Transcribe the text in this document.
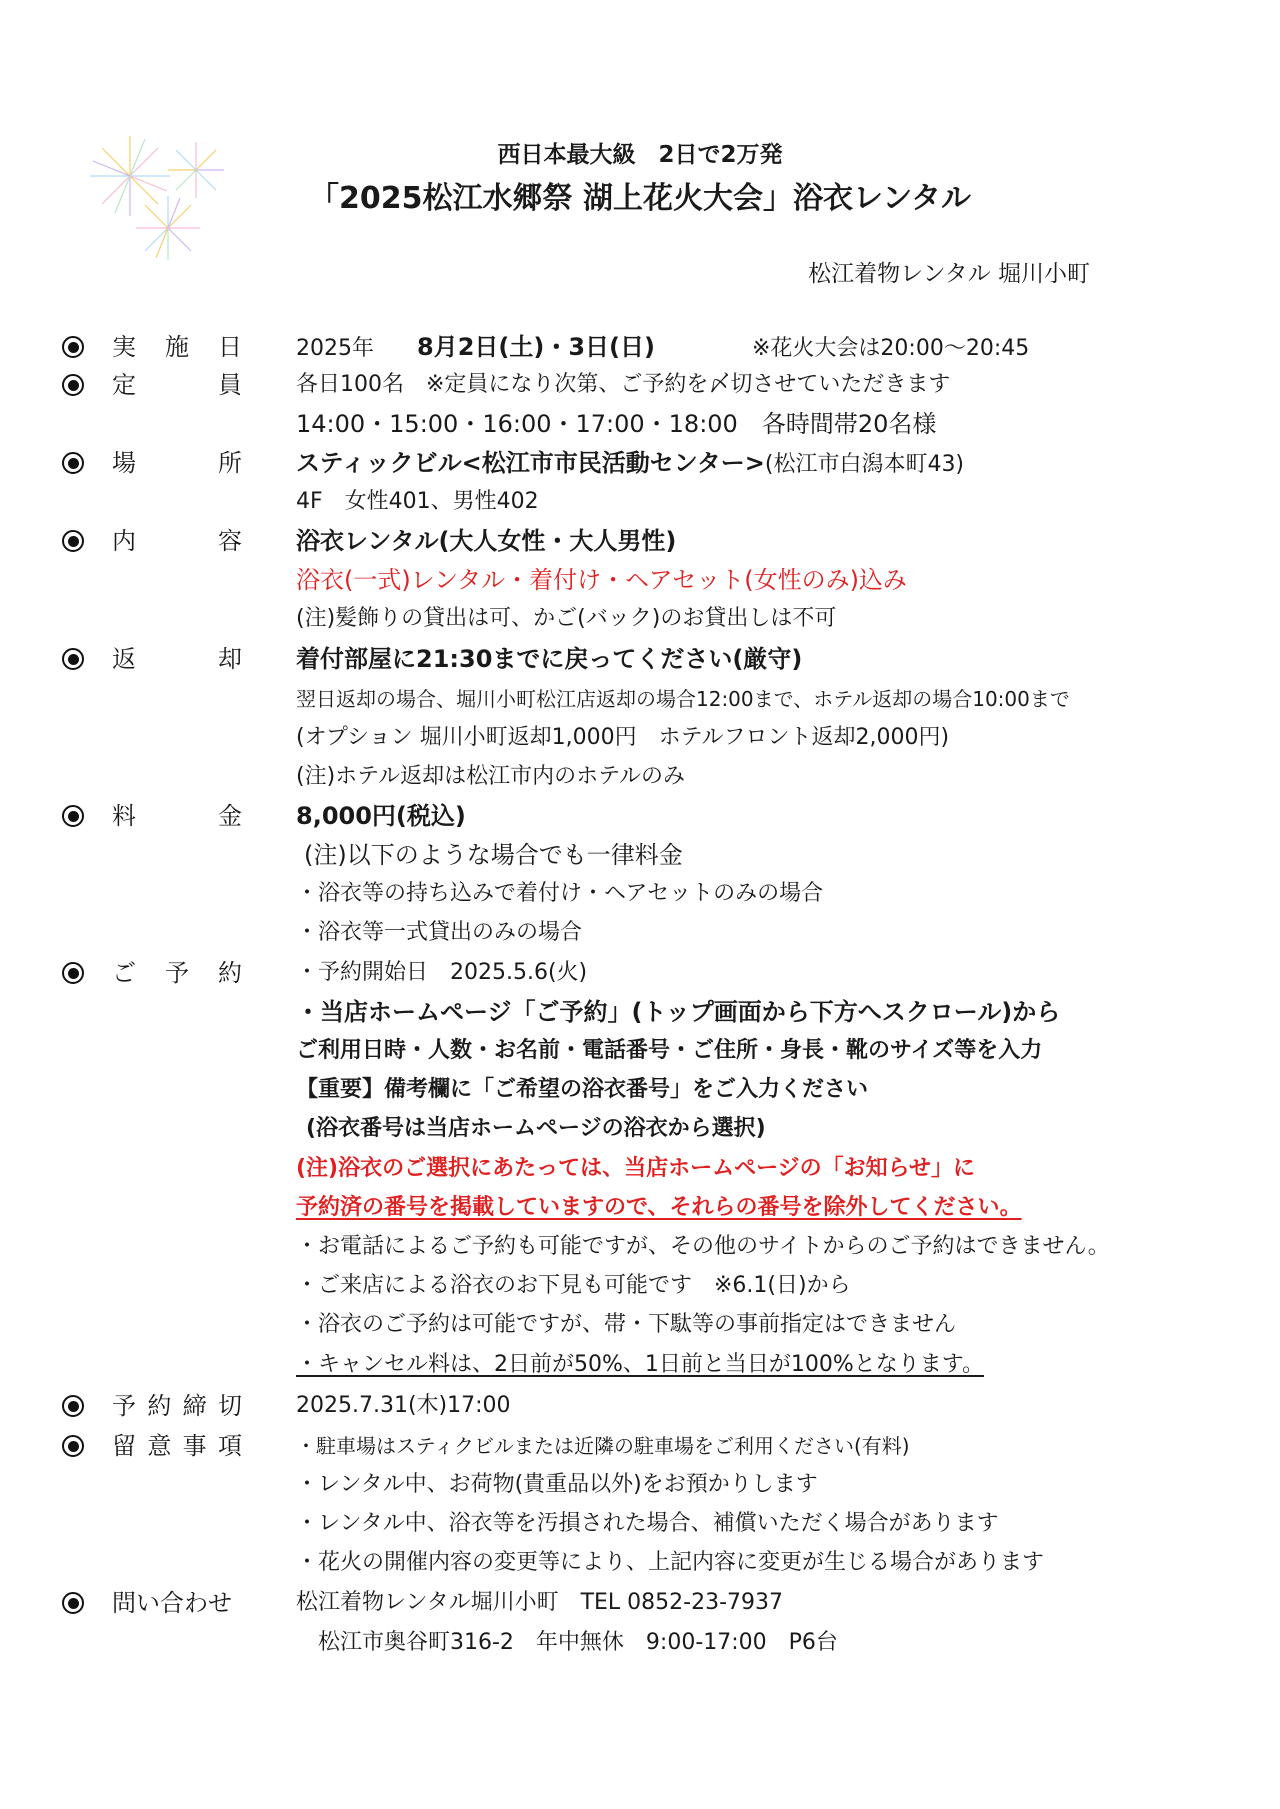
西日本最大級　2日で2万発
「2025松江水郷祭 湖上花火大会」浴衣レンタル
松江着物レンタル 堀川小町
実施日 2025年 8月2日(土)・3日(日)	※花火大会は20:00～20:45
定員 各日100名　※定員になり次第、ご予約を〆切させていただきます
14:00・15:00・16:00・17:00・18:00　各時間帯20名様
場所 スティックビル<松江市市民活動センター>(松江市白潟本町43)
4F　女性401、男性402
内容 浴衣レンタル(大人女性・大人男性)
浴衣(一式)レンタル・着付け・ヘアセット(女性のみ)込み
(注)髪飾りの貸出は可、かご(バック)のお貸出しは不可
返却 着付部屋に21:30までに戻ってください(厳守)
翌日返却の場合、堀川小町松江店返却の場合12:00まで、ホテル返却の場合10:00まで
(オプション 堀川小町返却1,000円　ホテルフロント返却2,000円)
(注)ホテル返却は松江市内のホテルのみ
料金 8,000円(税込)
(注)以下のような場合でも一律料金
・浴衣等の持ち込みで着付け・ヘアセットのみの場合
・浴衣等一式貸出のみの場合
ご予約 ・予約開始日　2025.5.6(火)
・当店ホームページ「ご予約」(トップ画面から下方へスクロール)から
ご利用日時・人数・お名前・電話番号・ご住所・身長・靴のサイズ等を入力
【重要】備考欄に「ご希望の浴衣番号」をご入力ください
(浴衣番号は当店ホームページの浴衣から選択)
(注)浴衣のご選択にあたっては、当店ホームページの「お知らせ」に
予約済の番号を掲載していますので、それらの番号を除外してください。
・お電話によるご予約も可能ですが、その他のサイトからのご予約はできません。
・ご来店による浴衣のお下見も可能です　※6.1(日)から
・浴衣のご予約は可能ですが、帯・下駄等の事前指定はできません
・キャンセル料は、2日前が50%、1日前と当日が100%となります。
予約締切 2025.7.31(木)17:00
留意事項	・駐車場はスティクビルまたは近隣の駐車場をご利用ください(有料)
・レンタル中、お荷物(貴重品以外)をお預かりします
・レンタル中、浴衣等を汚損された場合、補償いただく場合があります
・花火の開催内容の変更等により、上記内容に変更が生じる場合があります
問い合わせ	松江着物レンタル堀川小町　TEL 0852-23-7937
松江市奥谷町316-2　年中無休　9:00-17:00　P6台
